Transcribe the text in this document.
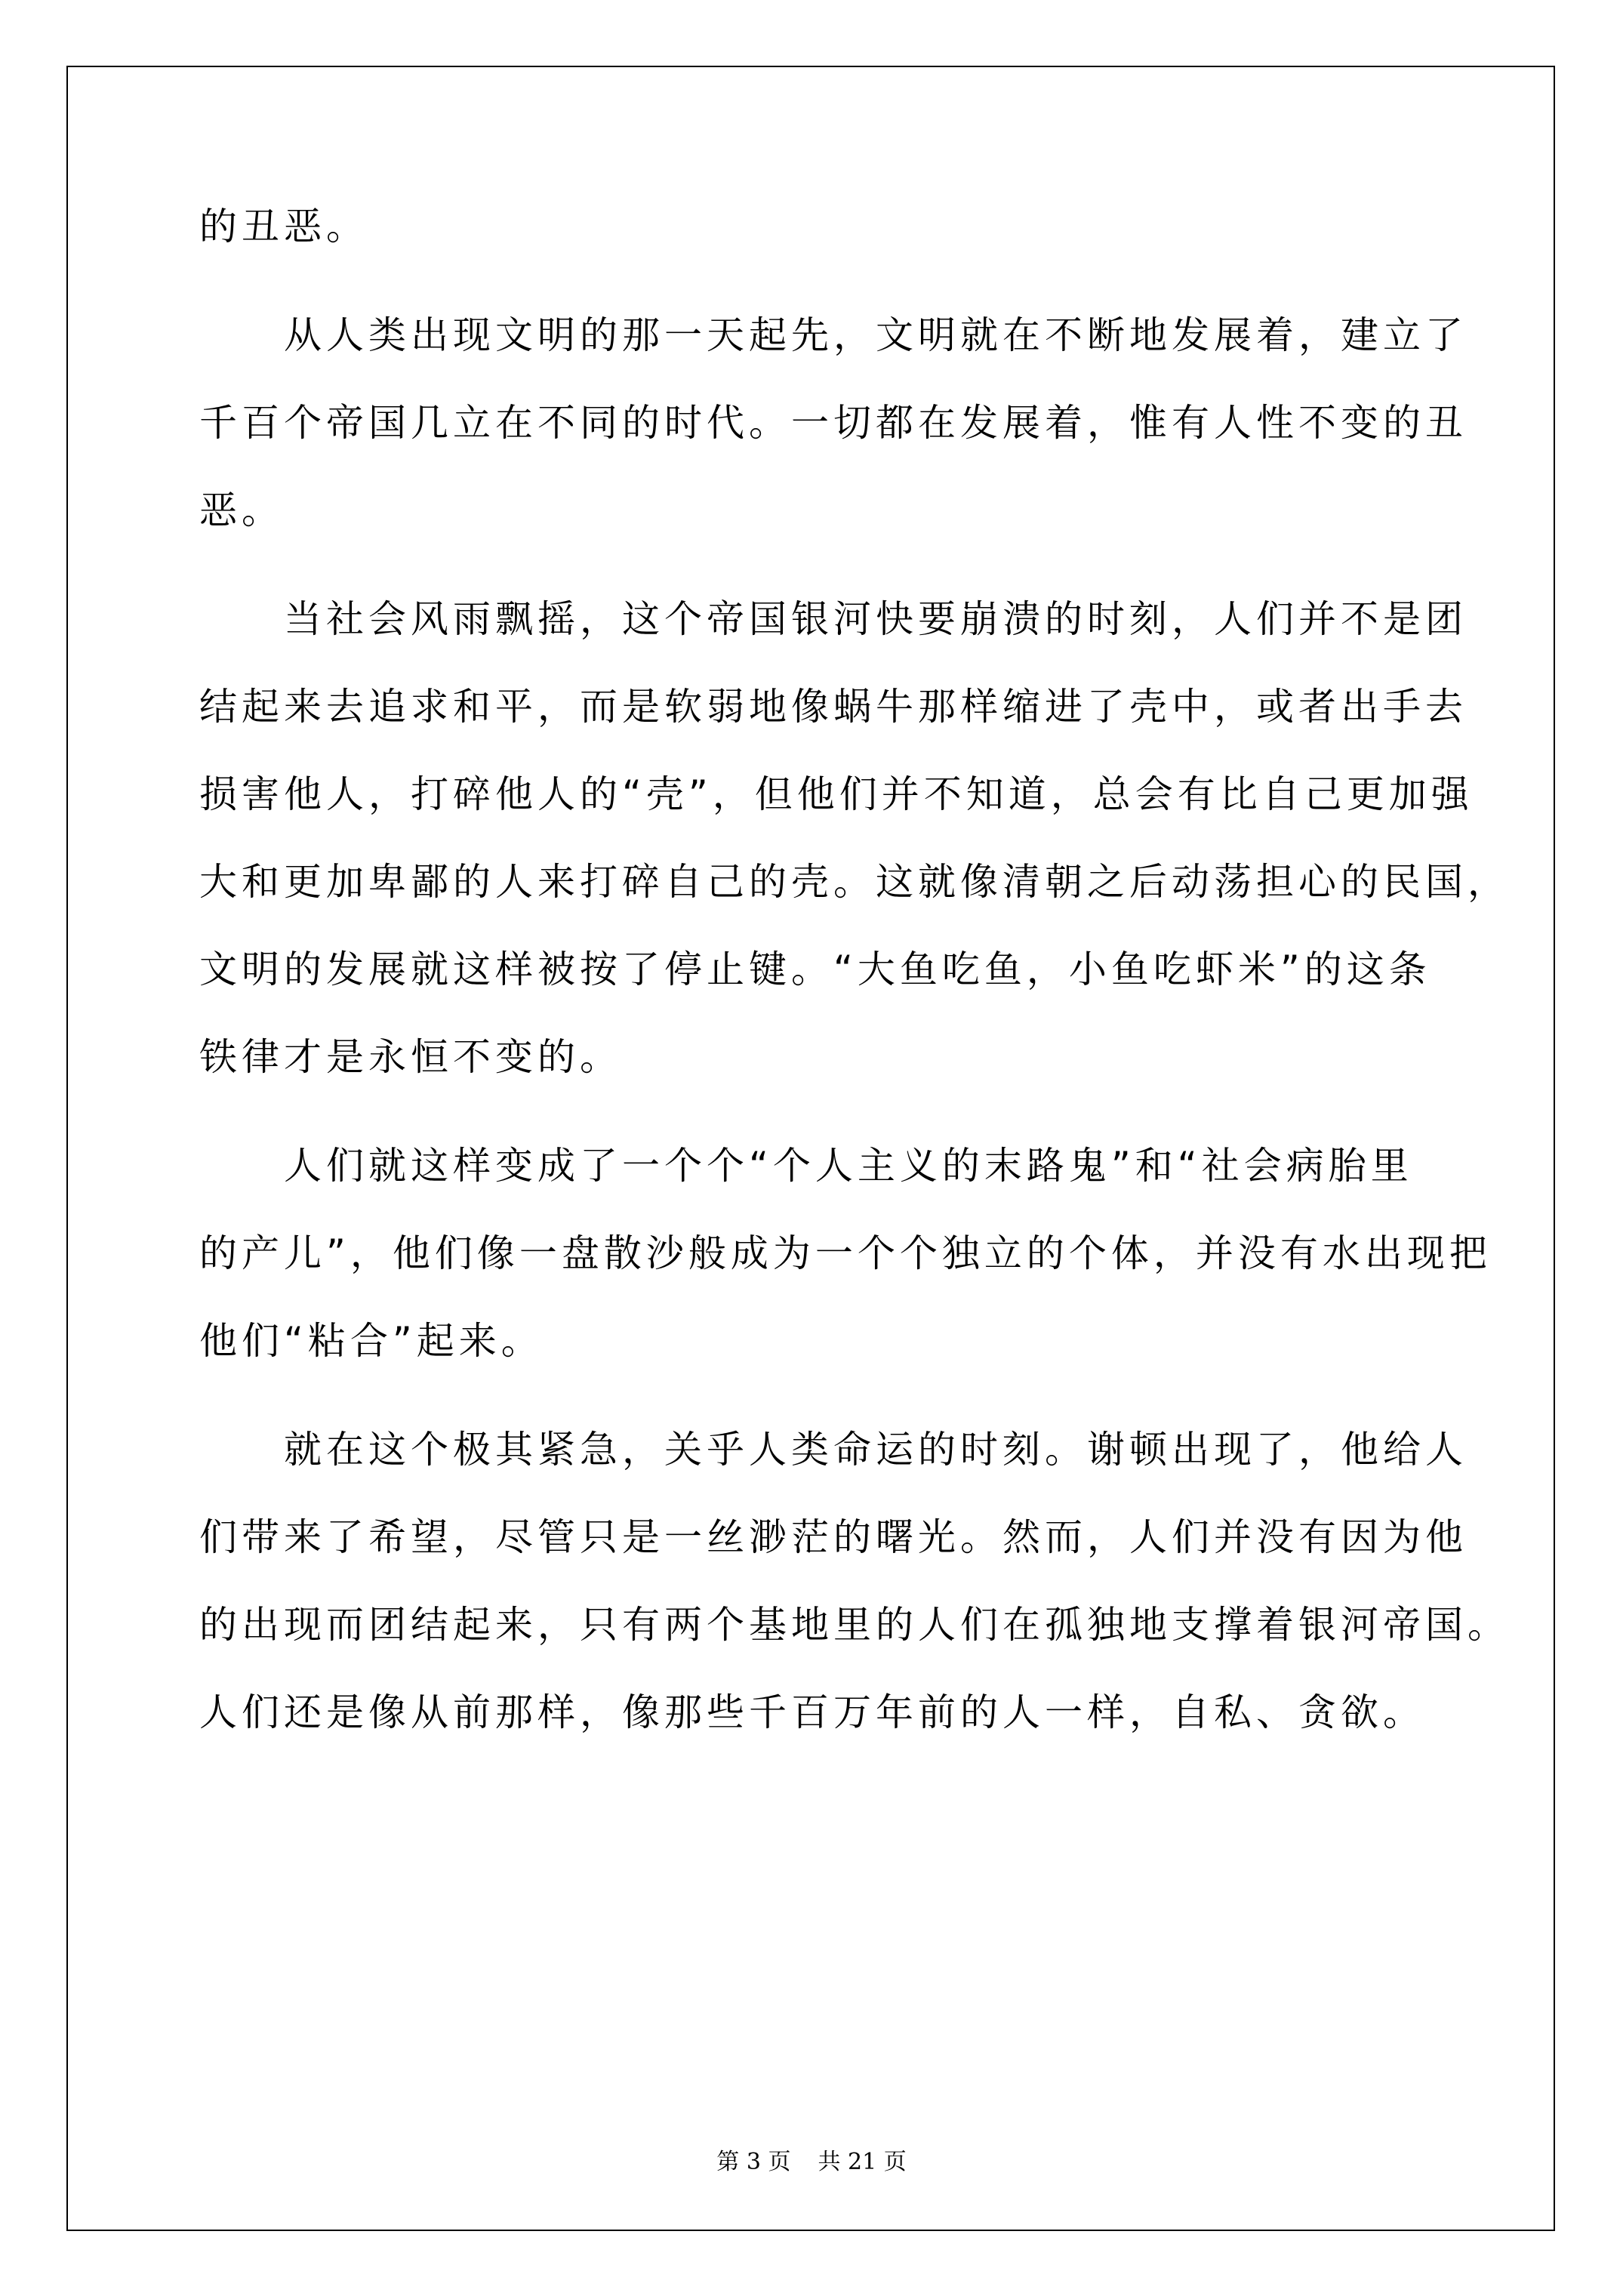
的丑恶。
从人类出现文明的那一天起先，文明就在不断地发展着，建立了
千百个帝国几立在不同的时代。一切都在发展着，惟有人性不变的丑
恶。
当社会风雨飘摇，这个帝国银河快要崩溃的时刻，人们并不是团
结起来去追求和平，而是软弱地像蜗牛那样缩进了壳中，或者出手去
损害他人，打碎他人的“壳”，但他们并不知道，总会有比自己更加强
大和更加卑鄙的人来打碎自己的壳。这就像清朝之后动荡担心的民国，
文明的发展就这样被按了停止键。“大鱼吃鱼，小鱼吃虾米”的这条
铁律才是永恒不变的。
人们就这样变成了一个个“个人主义的末路鬼”和“社会病胎里
的产儿”，他们像一盘散沙般成为一个个独立的个体，并没有水出现把
他们“粘合”起来。
就在这个极其紧急，关乎人类命运的时刻。谢顿出现了，他给人
们带来了希望，尽管只是一丝渺茫的曙光。然而，人们并没有因为他
的出现而团结起来，只有两个基地里的人们在孤独地支撑着银河帝国。
人们还是像从前那样，像那些千百万年前的人一样，自私、贪欲。
第 3 页 共 21 页
